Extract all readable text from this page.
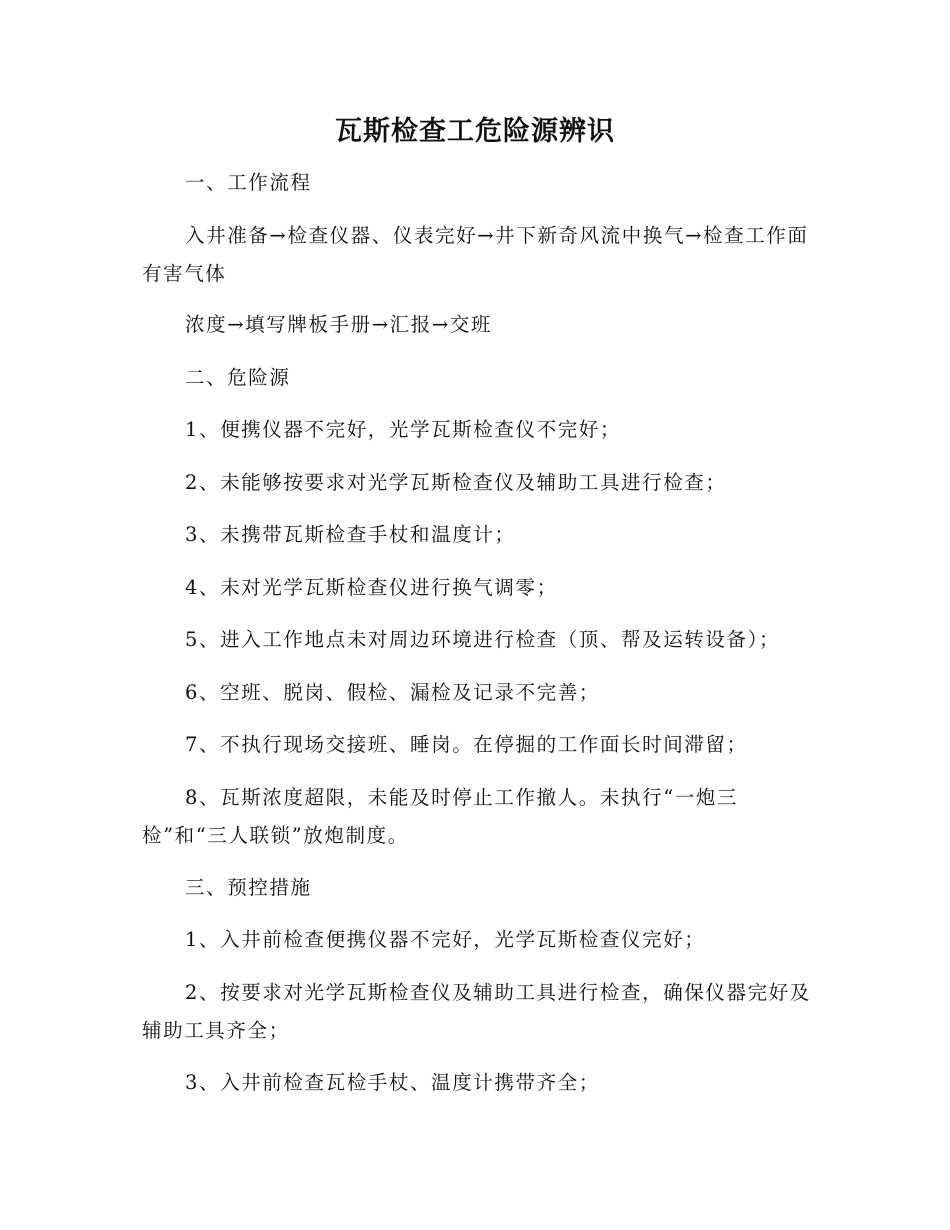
瓦斯检查工危险源辨识

一、工作流程

入井准备→检查仪器、仪表完好→井下新奇风流中换气→检查工作面有害气体

浓度→填写牌板手册→汇报→交班

二、危险源

1、便携仪器不完好，光学瓦斯检查仪不完好；

2、未能够按要求对光学瓦斯检查仪及辅助工具进行检查；

3、未携带瓦斯检查手杖和温度计；

4、未对光学瓦斯检查仪进行换气调零；

5、进入工作地点未对周边环境进行检查（顶、帮及运转设备）；

6、空班、脱岗、假检、漏检及记录不完善；

7、不执行现场交接班、睡岗。在停掘的工作面长时间滞留；

8、瓦斯浓度超限，未能及时停止工作撤人。未执行“一炮三检”和“三人联锁”放炮制度。

三、预控措施

1、入井前检查便携仪器不完好，光学瓦斯检查仪完好；

2、按要求对光学瓦斯检查仪及辅助工具进行检查，确保仪器完好及辅助工具齐全；

3、入井前检查瓦检手杖、温度计携带齐全；
